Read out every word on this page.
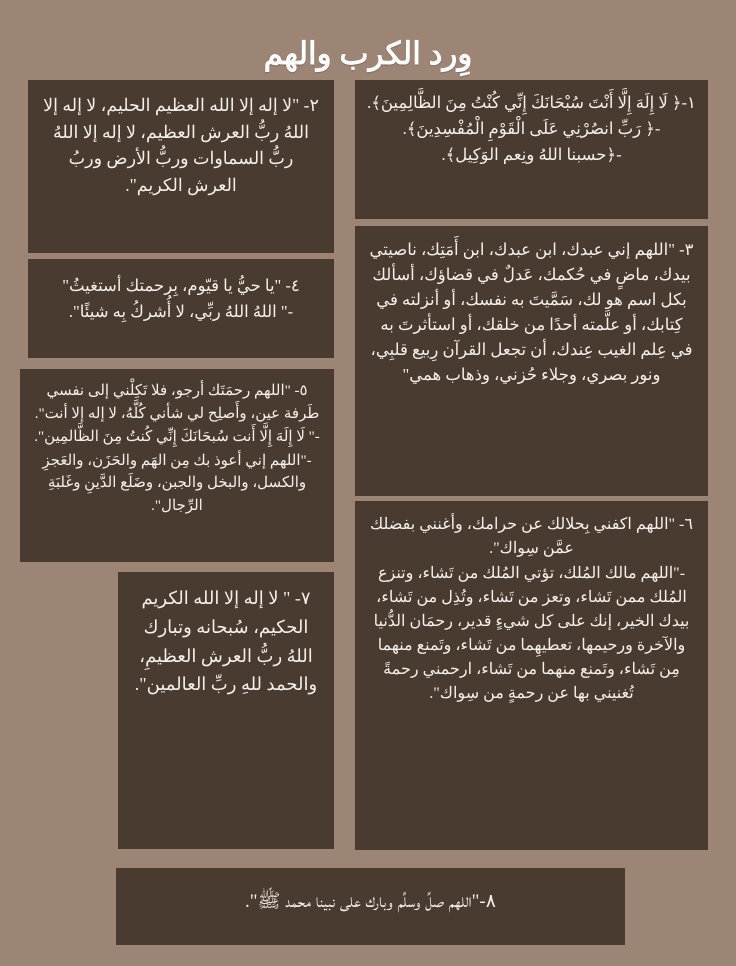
وِرد الكرب والهم
١-﴿ لَا إِلَهَ إِلَّا أَنْتَ سُبْحَانَكَ إِنِّي كُنْتُ مِنَ الظَّالِمِينَ﴾.
-﴿ رَبِّ انصُرْنِي عَلَى الْقَوْمِ الْمُفْسِدِينَ﴾.
-﴿حسبنا اللهُ ونِعم الوَكِيل﴾.
٢- "لا إله إلا الله العظيم الحليم، لا إله إلا اللهُ ربُّ العرش العظيم، لا إله إلا اللهُ ربُّ السماوات وربُّ الأرض وربُ العرش الكريم".
٣- "اللهم إني عبدك، ابن عبدك، ابن أَمَتِك، ناصيتي بيدك، ماضٍ في حُكمك، عَدلٌ في قضاؤك، أسألك بكل اسم هو لك، سَمَّيتَ به نفسك، أو أنزلته في كِتابك، أو علَّمته أحدًا من خلقك، أو استأثرتَ به في عِلم الغيب عِندك، أن تجعل القرآن رِبيع قلبِي، ونور بصري، وجلاء حُزني، وذهاب همي"
٤- "يا حيُّ يا قيّوم، بِرحمتك أستغيثُ"
-" اللهُ اللهُ ربِّي، لا أُشركُ بِه شيئًا".
٥- "اللهم رحمَتَك أرجو، فلا تَكِلْني إلى نفسي طَرفة عين، وأَصلِح لي شأني كُلَّهُ، لا إله إلا أنت".
-" لَا إِلَهَ إِلَّا أَنت سُبحَانَكَ إِنِّي كُنتُ مِنَ الظَّالمِين".
-"اللهم إني أعوذ بك مِن الهَم والحَزَن، والعَجزِ والكسل، والبخل والجبن، وضَلَع الدَّينِ وغَلبَةِ الرِّجال".
٦- "اللهم اكفني بِحلالك عن حرامك، وأغنني بفضلك عمَّن سِواك".
-"اللهم مالك المُلك، تؤتي المُلك من تَشاء، وتنزع المُلك ممن تَشاء، وتعز من تَشاء، وتُذِل من تَشاء، بيدك الخير، إنك على كل شيءٍ قدير، رحمَان الدُّنيا والآخرة ورحيمها، تعطيهِما من تَشاء، وتَمنع منهما مِن تَشاء، وتَمنع منهما من تَشاء، ارحمني رحمةً تُغنيني بها عن رحمةٍ من سِواك".
٧- " لا إله إلا الله الكريم الحكيم، سُبحانه وتبارك اللهُ ربُّ العرش العظيمِ، والحمد للهِ ربِّ العالمين".
٨-"اللهم صلِّ وسلِّم وبارك على نبينا محمد ﷺ".
